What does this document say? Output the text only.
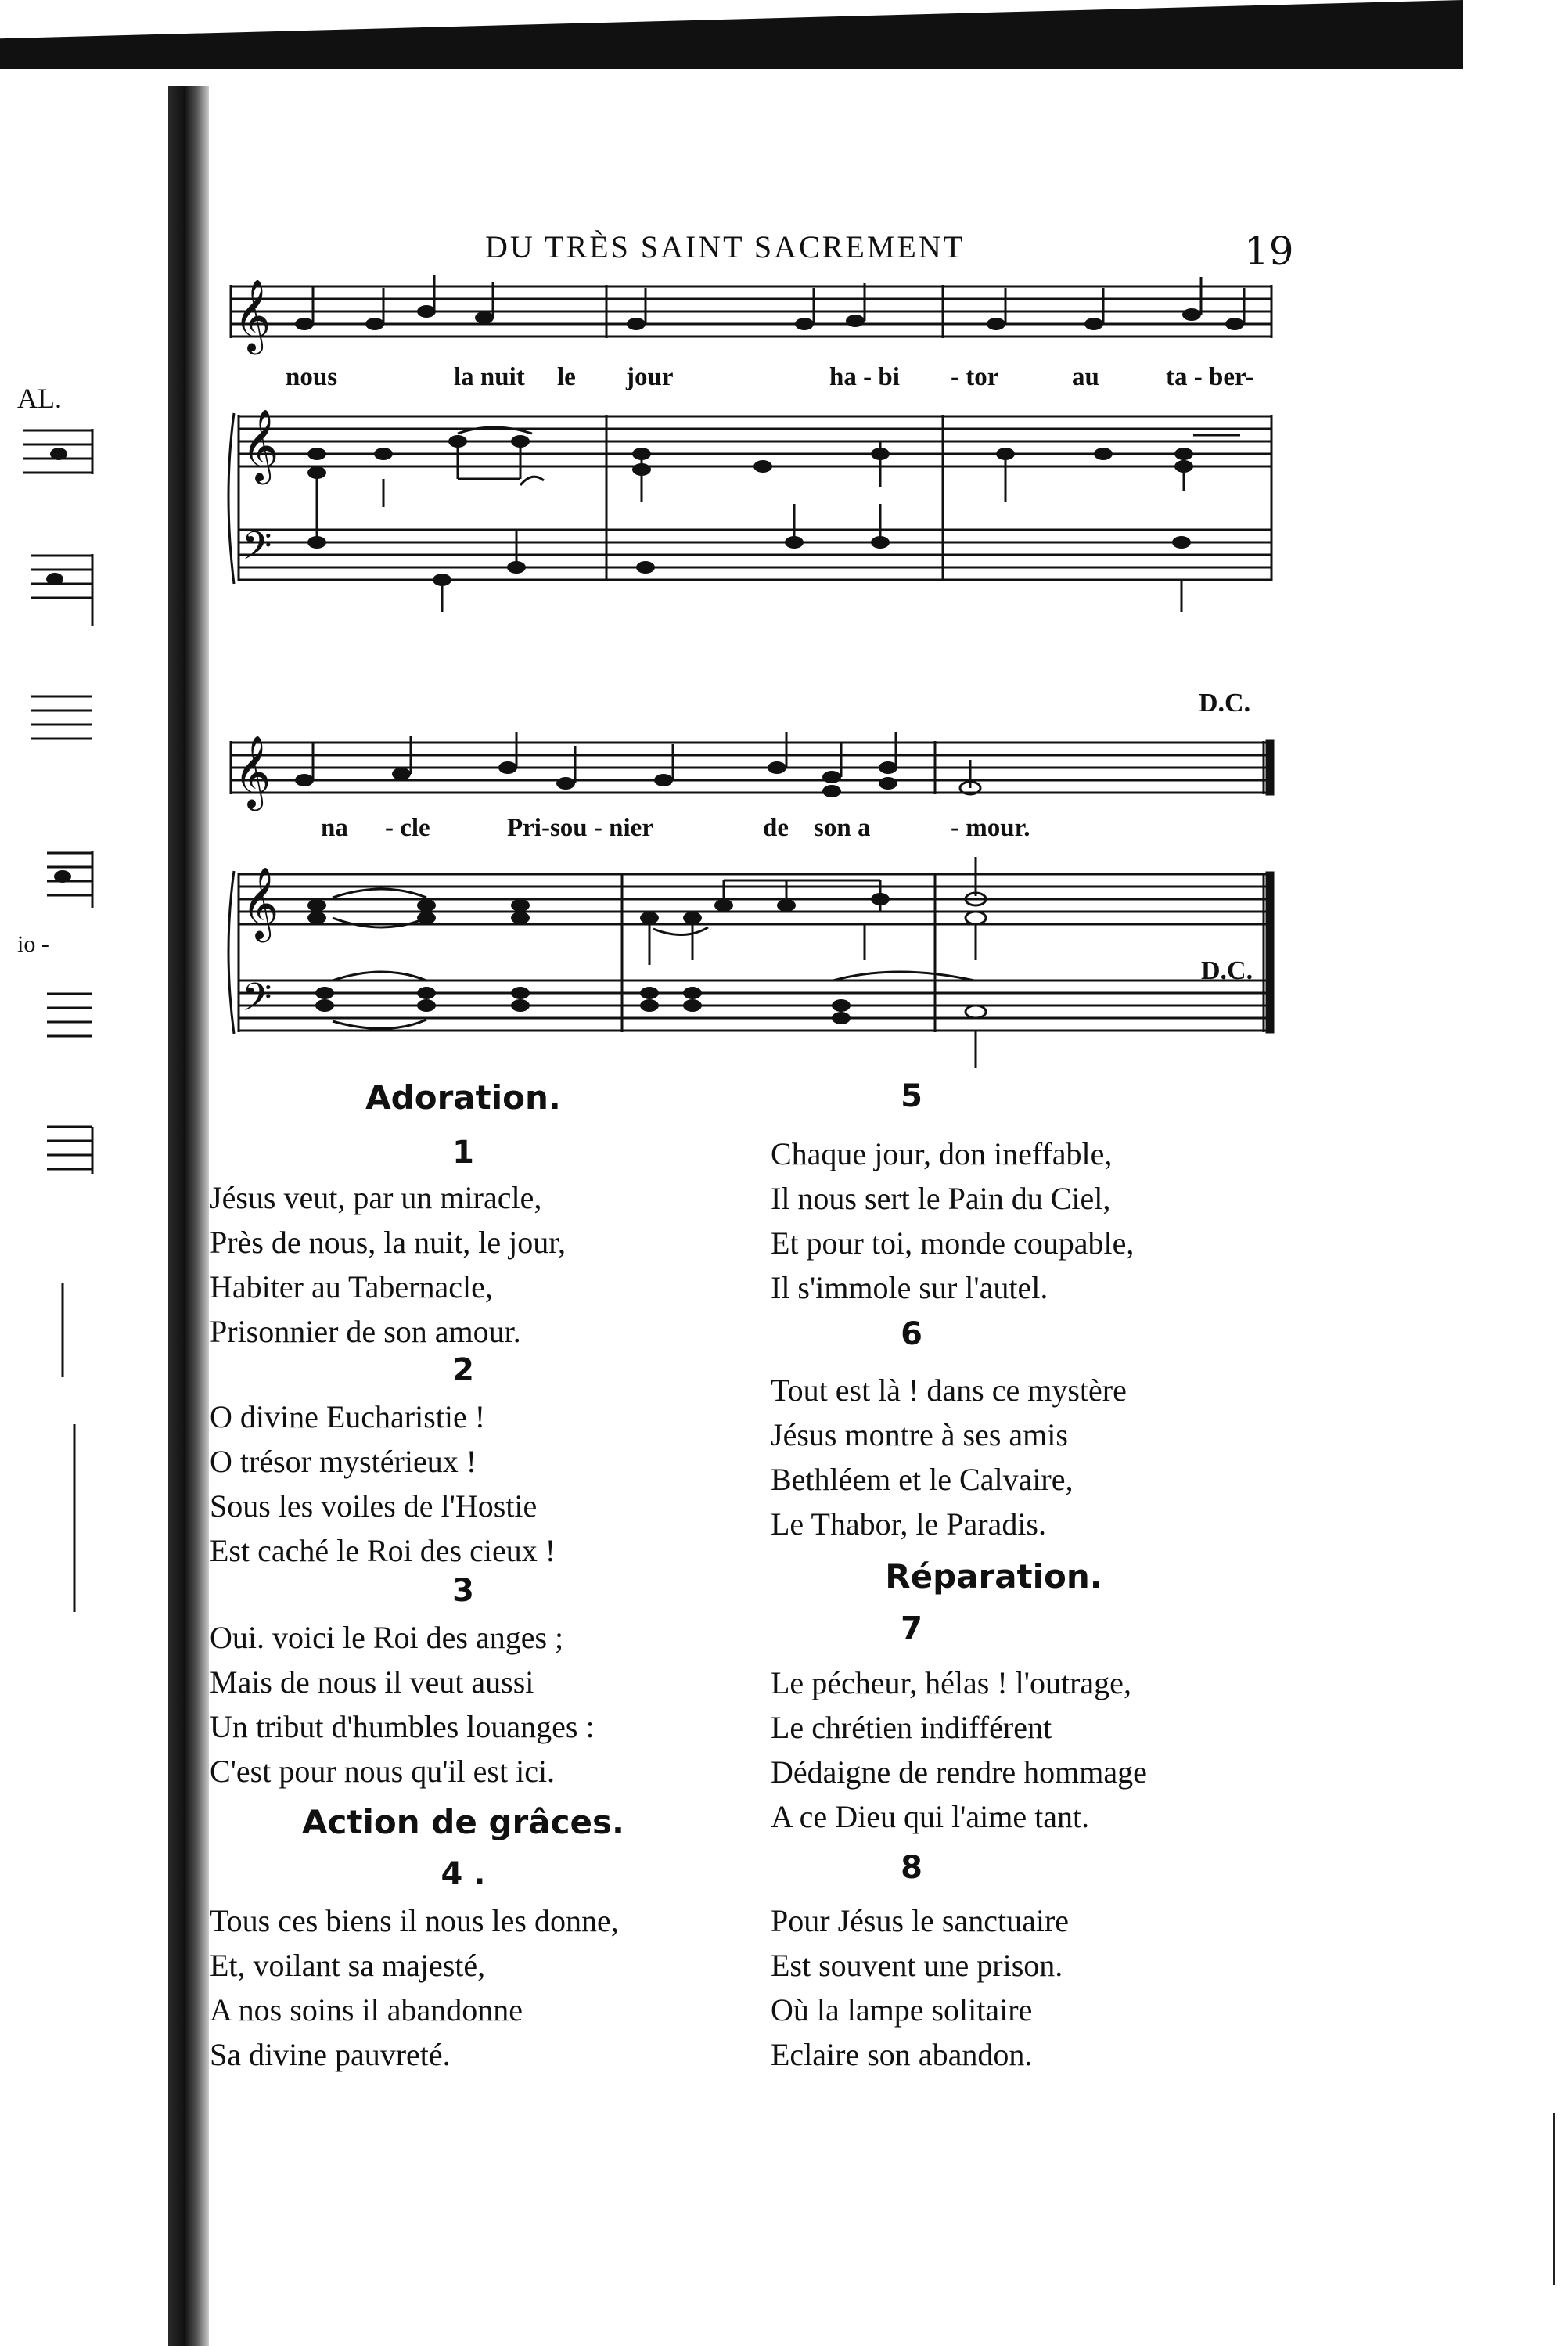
AL.
io -
DU TRÈS SAINT SACREMENT	19
𝄞
𝄞
𝄢
nous	la nuit le jour	ha - bi - tor	au	ta - ber-
D.C.
𝄞
𝄞
𝄢
na - cle	Pri-sou - nier	de son a	- mour.
D.C.
Adoration.
1
Jésus veut, par un miracle,
Près de nous, la nuit, le jour,
Habiter au Tabernacle,
Prisonnier de son amour.
2
O divine Eucharistie !
O trésor mystérieux !
Sous les voiles de l'Hostie
Est caché le Roi des cieux !
3
Oui. voici le Roi des anges ;
Mais de nous il veut aussi
Un tribut d'humbles louanges :
C'est pour nous qu'il est ici.
Action de grâces.
4 .
Tous ces biens il nous les donne,
Et, voilant sa majesté,
A nos soins il abandonne
Sa divine pauvreté.
5
Chaque jour, don ineffable,
Il nous sert le Pain du Ciel,
Et pour toi, monde coupable,
Il s'immole sur l'autel.
6
Tout est là ! dans ce mystère
Jésus montre à ses amis
Bethléem et le Calvaire,
Le Thabor, le Paradis.
Réparation.
7
Le pécheur, hélas ! l'outrage,
Le chrétien indifférent
Dédaigne de rendre hommage
A ce Dieu qui l'aime tant.
8
Pour Jésus le sanctuaire
Est souvent une prison.
Où la lampe solitaire
Eclaire son abandon.
